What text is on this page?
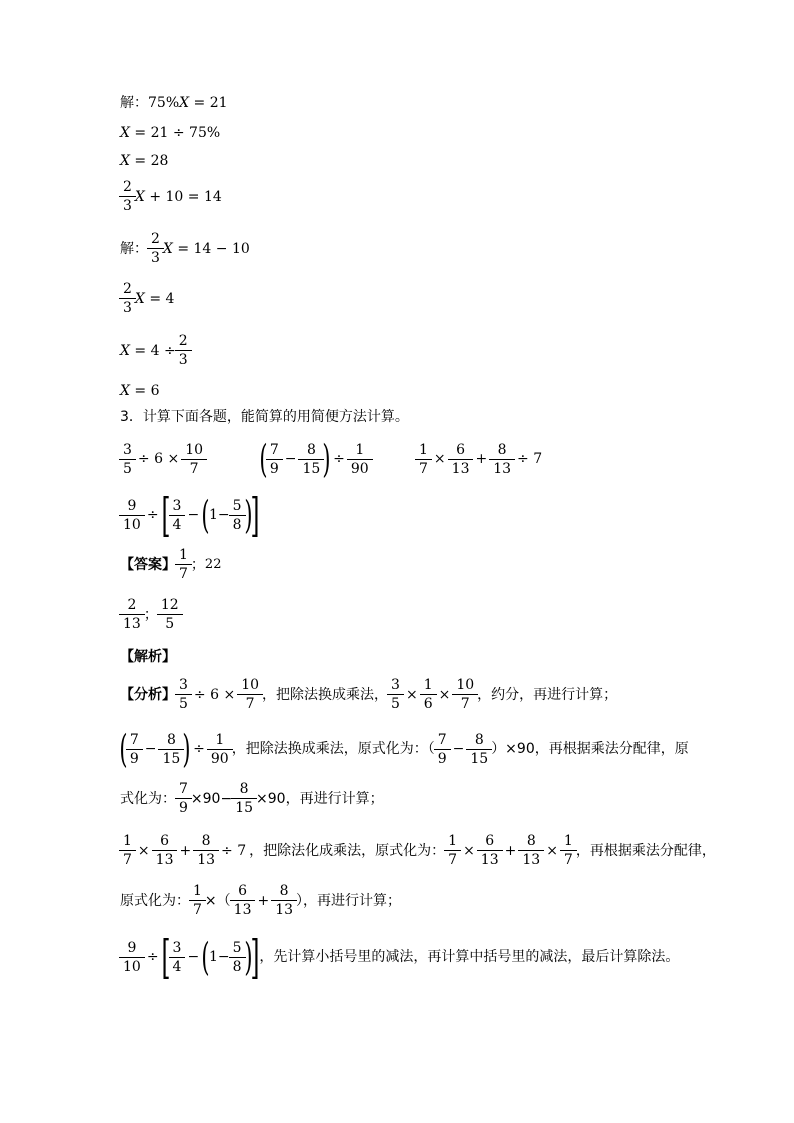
解： 75%X = 21
X = 21 ÷ 75%
X = 28
2
3
X + 10 = 14
解：
2
3
X = 14 − 10
2
3
X = 4
$X = 4 \div \frac{2}{3}$
X = 6
3．计算下面各题，能简算的用简便方法计算。
$\frac{3}{5} \div 6 \times \frac{10}{7}$ ( 7
9
− $\frac{8}{15}$ ) ÷ $\frac{1}{90}$	$\frac{1}{7} \times \frac{6}{13} + \frac{8}{13} \div 7$
$\frac{9}{10}$ ÷ [ 3
4
− ( $1- \frac{5}{8}$ )
]
【答案】
1
7
； 22
2
13
；
12
5
【解析】
【分析】 $\frac{3}{5} \div 6 \times \frac{10}{7}$ ，把除法换成乘法， $\frac{3}{5} \times \frac{1}{6} \times \frac{10}{7}$ ，约分，再进行计算；
( 7
9
− $\frac{8}{15}$ ) ÷ $\frac{1}{90}$ ，把除法换成乘法，原式化为：（
7
9
− $\frac{8}{15} )\times 90$，再根据乘法分配律，原
式化为： $\frac{7}{9} \times 90- \frac{8}{15} \times 90$，再进行计算；
$\frac{1}{7} \times \frac{6}{13} + \frac{8}{13} \div 7$ ，把除法化成乘法，原式化为： $\frac{1}{7} \times \frac{6}{13} + \frac{8}{13} \times \frac{1}{7}$ ，再根据乘法分配律，
原式化为： $\frac{1}{7}$ ×（
6
13
+ $\frac{8}{13}$ ），再进行计算；
$\frac{9}{10}$ ÷ [ 3
4
− ( $1- \frac{5}{8}$ )
] ，先计算小括号里的减法，再计算中括号里的减法，最后计算除法。
